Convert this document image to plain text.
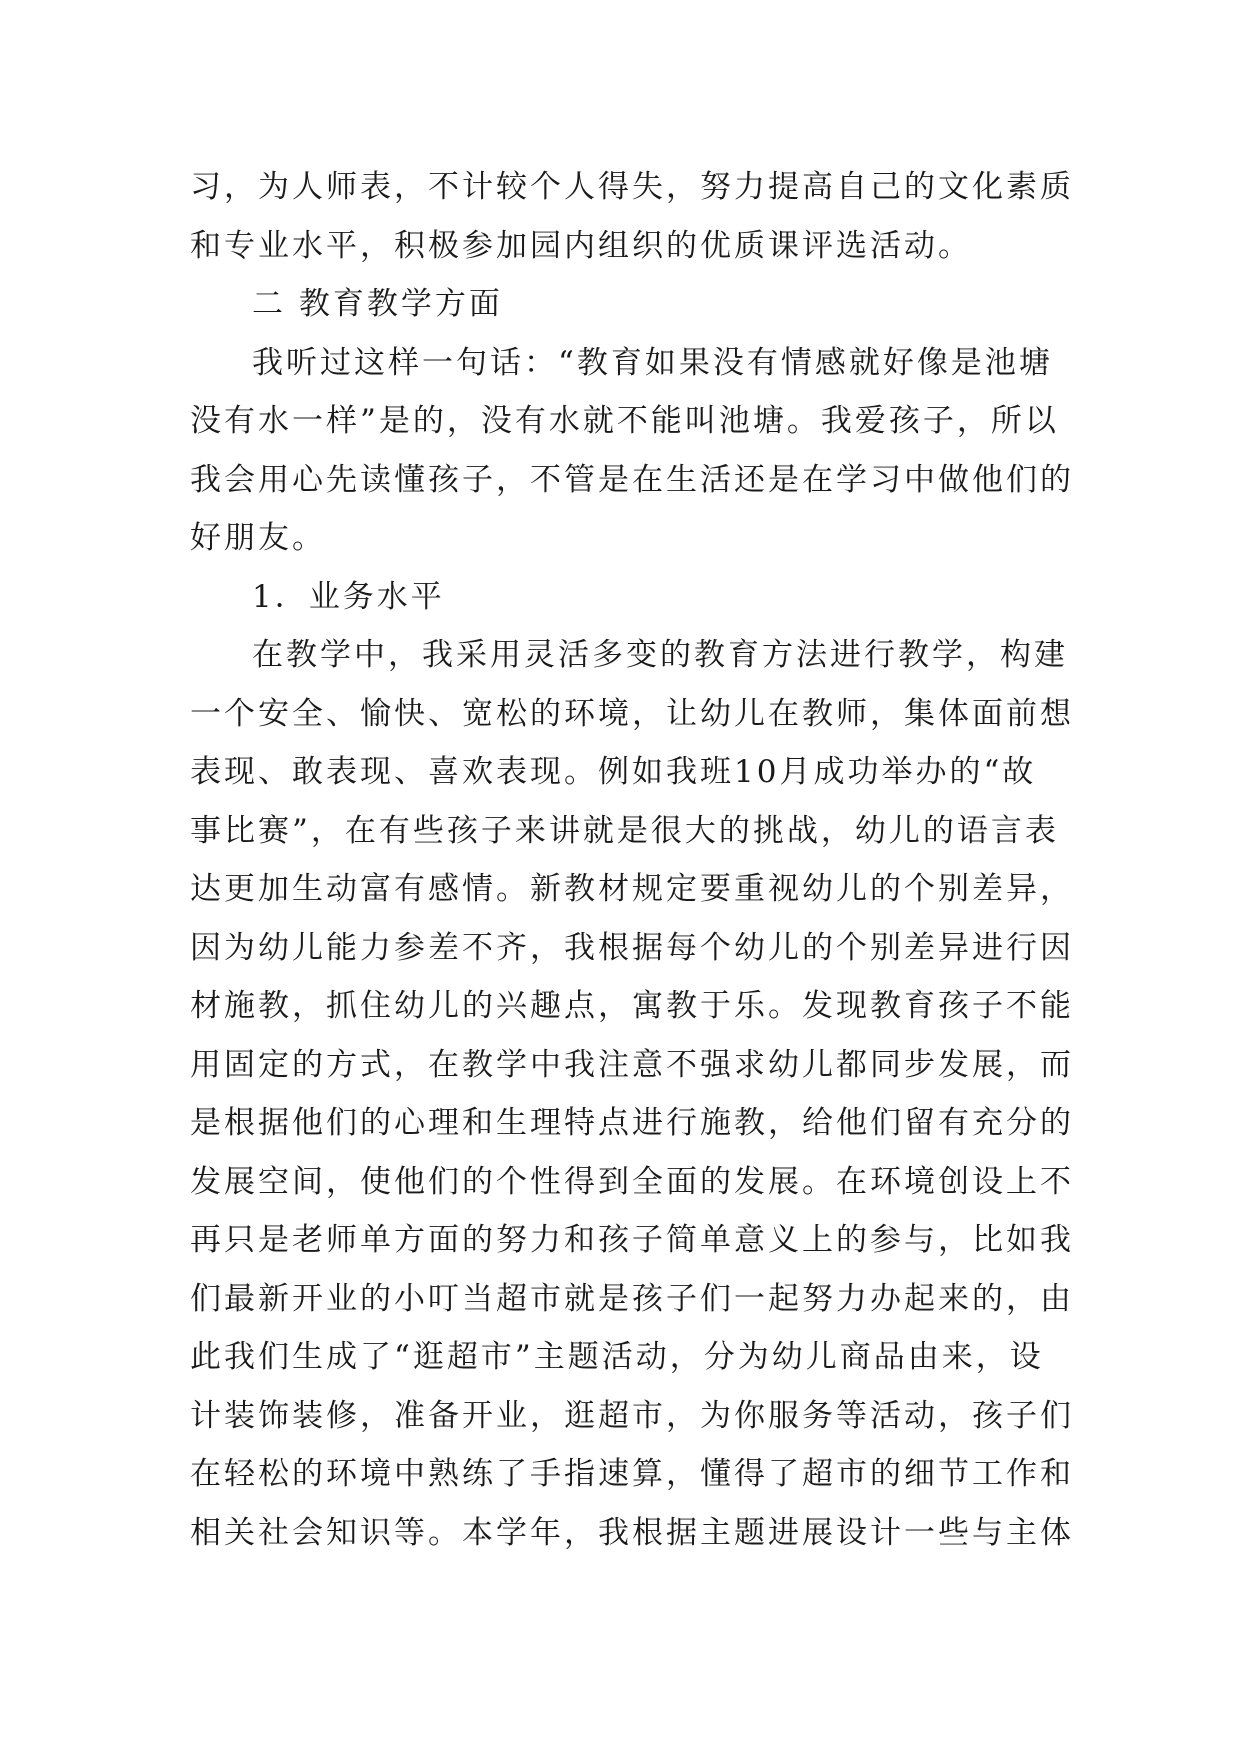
习，为人师表，不计较个人得失，努力提高自己的文化素质
和专业水平，积极参加园内组织的优质课评选活动。
二 教育教学方面
我听过这样一句话：“教育如果没有情感就好像是池塘
没有水一样”是的，没有水就不能叫池塘。我爱孩子，所以
我会用心先读懂孩子，不管是在生活还是在学习中做他们的
好朋友。
1．业务水平
在教学中，我采用灵活多变的教育方法进行教学，构建
一个安全、愉快、宽松的环境，让幼儿在教师，集体面前想
表现、敢表现、喜欢表现。例如我班10月成功举办的“故
事比赛”，在有些孩子来讲就是很大的挑战，幼儿的语言表
达更加生动富有感情。新教材规定要重视幼儿的个别差异，
因为幼儿能力参差不齐，我根据每个幼儿的个别差异进行因
材施教，抓住幼儿的兴趣点，寓教于乐。发现教育孩子不能
用固定的方式，在教学中我注意不强求幼儿都同步发展，而
是根据他们的心理和生理特点进行施教，给他们留有充分的
发展空间，使他们的个性得到全面的发展。在环境创设上不
再只是老师单方面的努力和孩子简单意义上的参与，比如我
们最新开业的小叮当超市就是孩子们一起努力办起来的，由
此我们生成了“逛超市”主题活动，分为幼儿商品由来，设
计装饰装修，准备开业，逛超市，为你服务等活动，孩子们
在轻松的环境中熟练了手指速算，懂得了超市的细节工作和
相关社会知识等。本学年，我根据主题进展设计一些与主体
